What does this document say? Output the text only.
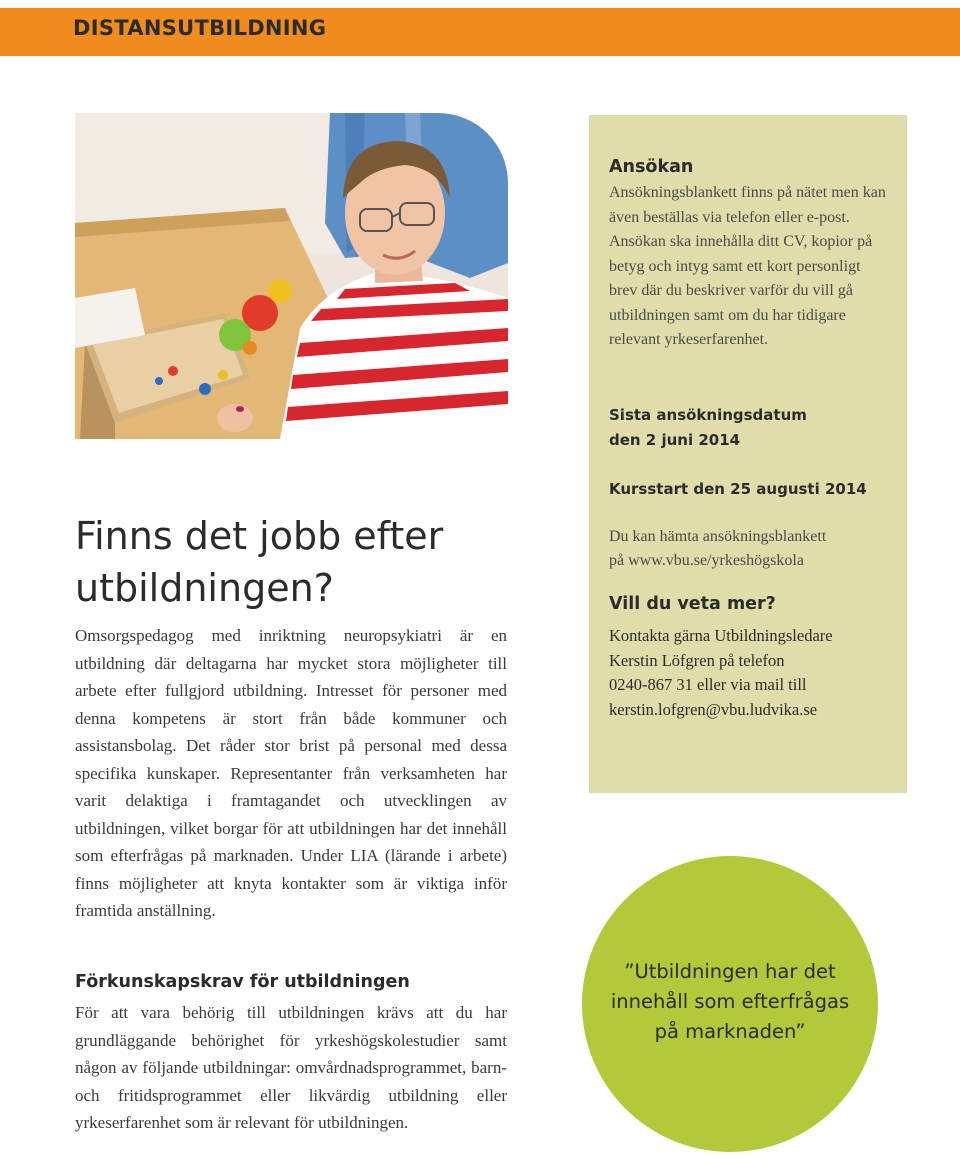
DISTANSUTBILDNING
Finns det jobb efter utbildningen?

Omsorgspedagog med inriktning neuropsykiatri är en utbildning där deltagarna har mycket stora möjligheter till arbete efter fullgjord utbildning. Intresset för personer med denna kompetens är stort från både kommuner och assistansbolag. Det råder stor brist på personal med dessa specifika kunskaper. Representanter från verksamheten har varit delaktiga i framtagandet och utvecklingen av utbildningen, vilket borgar för att utbildningen har det innehåll som efterfrågas på marknaden. Under LIA (lärande i arbete) finns möjligheter att knyta kontakter som är viktiga inför framtida anställning.

Förkunskapskrav för utbildningen

För att vara behörig till utbildningen krävs att du har grundläggande behörighet för yrkeshögskolestudier samt någon av följande utbildningar: omvårdnadsprogrammet, barn- och fritidsprogrammet eller likvärdig utbildning eller yrkeserfarenhet som är relevant för utbildningen.

Ansökan

Ansökningsblankett finns på nätet men kan även beställas via telefon eller e-post. Ansökan ska innehålla ditt CV, kopior på betyg och intyg samt ett kort personligt brev där du beskriver varför du vill gå utbildningen samt om du har tidigare relevant yrkeserfarenhet.

Sista ansökningsdatum

den 2 juni 2014

Kursstart den 25 augusti 2014

Du kan hämta ansökningsblankett

på www.vbu.se/yrkeshögskola

Vill du veta mer?

Kontakta gärna Utbildningsledare

Kerstin Löfgren på telefon

0240-867 31 eller via mail till

kerstin.lofgren@vbu.ludvika.se

”Utbildningen har det
innehåll som efterfrågas
på marknaden”
